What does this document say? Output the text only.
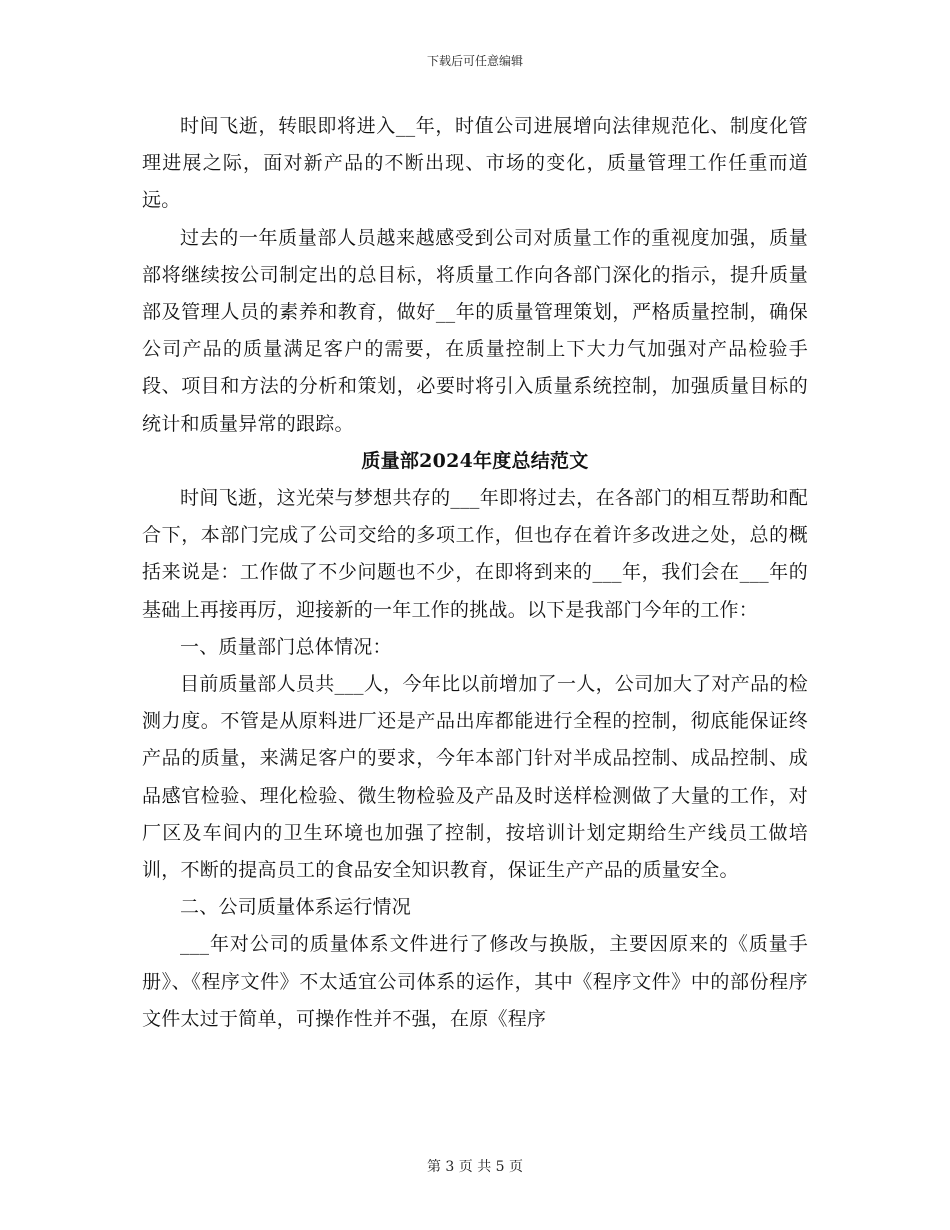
下载后可任意编辑

时间飞逝，转眼即将进入__年，时值公司进展增向法律规范化、制度化管理进展之际，面对新产品的不断出现、市场的变化，质量管理工作任重而道远。

过去的一年质量部人员越来越感受到公司对质量工作的重视度加强，质量部将继续按公司制定出的总目标，将质量工作向各部门深化的指示，提升质量部及管理人员的素养和教育，做好__年的质量管理策划，严格质量控制，确保公司产品的质量满足客户的需要，在质量控制上下大力气加强对产品检验手段、项目和方法的分析和策划，必要时将引入质量系统控制，加强质量目标的统计和质量异常的跟踪。

质量部2024年度总结范文

时间飞逝，这光荣与梦想共存的___年即将过去，在各部门的相互帮助和配合下，本部门完成了公司交给的多项工作，但也存在着许多改进之处，总的概括来说是：工作做了不少问题也不少，在即将到来的___年，我们会在___年的基础上再接再厉，迎接新的一年工作的挑战。以下是我部门今年的工作：

一、质量部门总体情况：

目前质量部人员共___人，今年比以前增加了一人，公司加大了对产品的检测力度。不管是从原料进厂还是产品出库都能进行全程的控制，彻底能保证终产品的质量，来满足客户的要求，今年本部门针对半成品控制、成品控制、成品感官检验、理化检验、微生物检验及产品及时送样检测做了大量的工作，对厂区及车间内的卫生环境也加强了控制，按培训计划定期给生产线员工做培训，不断的提高员工的食品安全知识教育，保证生产产品的质量安全。

二、公司质量体系运行情况

___年对公司的质量体系文件进行了修改与换版，主要因原来的《质量手册》、《程序文件》不太适宜公司体系的运作，其中《程序文件》中的部份程序文件太过于简单，可操作性并不强，在原《程序

第 3 页 共 5 页
